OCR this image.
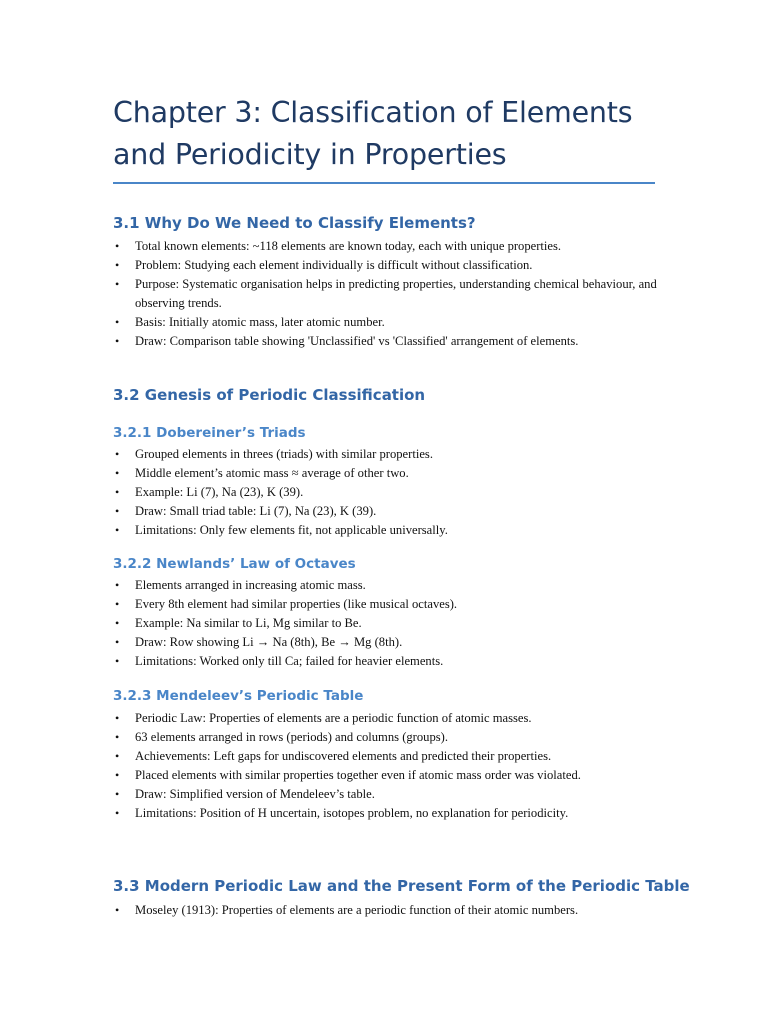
Chapter 3: Classification of Elements and Periodicity in Properties
3.1 Why Do We Need to Classify Elements?
• Total known elements: ~118 elements are known today, each with unique properties.
• Problem: Studying each element individually is difficult without classification.
• Purpose: Systematic organisation helps in predicting properties, understanding chemical behaviour, and observing trends.
• Basis: Initially atomic mass, later atomic number.
• Draw: Comparison table showing 'Unclassified' vs 'Classified' arrangement of elements.
3.2 Genesis of Periodic Classification
3.2.1 Dobereiner’s Triads
• Grouped elements in threes (triads) with similar properties.
• Middle element’s atomic mass ≈ average of other two.
• Example: Li (7), Na (23), K (39).
• Draw: Small triad table: Li (7), Na (23), K (39).
• Limitations: Only few elements fit, not applicable universally.
3.2.2 Newlands’ Law of Octaves
• Elements arranged in increasing atomic mass.
• Every 8th element had similar properties (like musical octaves).
• Example: Na similar to Li, Mg similar to Be.
• Draw: Row showing Li → Na (8th), Be → Mg (8th).
• Limitations: Worked only till Ca; failed for heavier elements.
3.2.3 Mendeleev’s Periodic Table
• Periodic Law: Properties of elements are a periodic function of atomic masses.
• 63 elements arranged in rows (periods) and columns (groups).
• Achievements: Left gaps for undiscovered elements and predicted their properties.
• Placed elements with similar properties together even if atomic mass order was violated.
• Draw: Simplified version of Mendeleev’s table.
• Limitations: Position of H uncertain, isotopes problem, no explanation for periodicity.
3.3 Modern Periodic Law and the Present Form of the Periodic Table
• Moseley (1913): Properties of elements are a periodic function of their atomic numbers.
